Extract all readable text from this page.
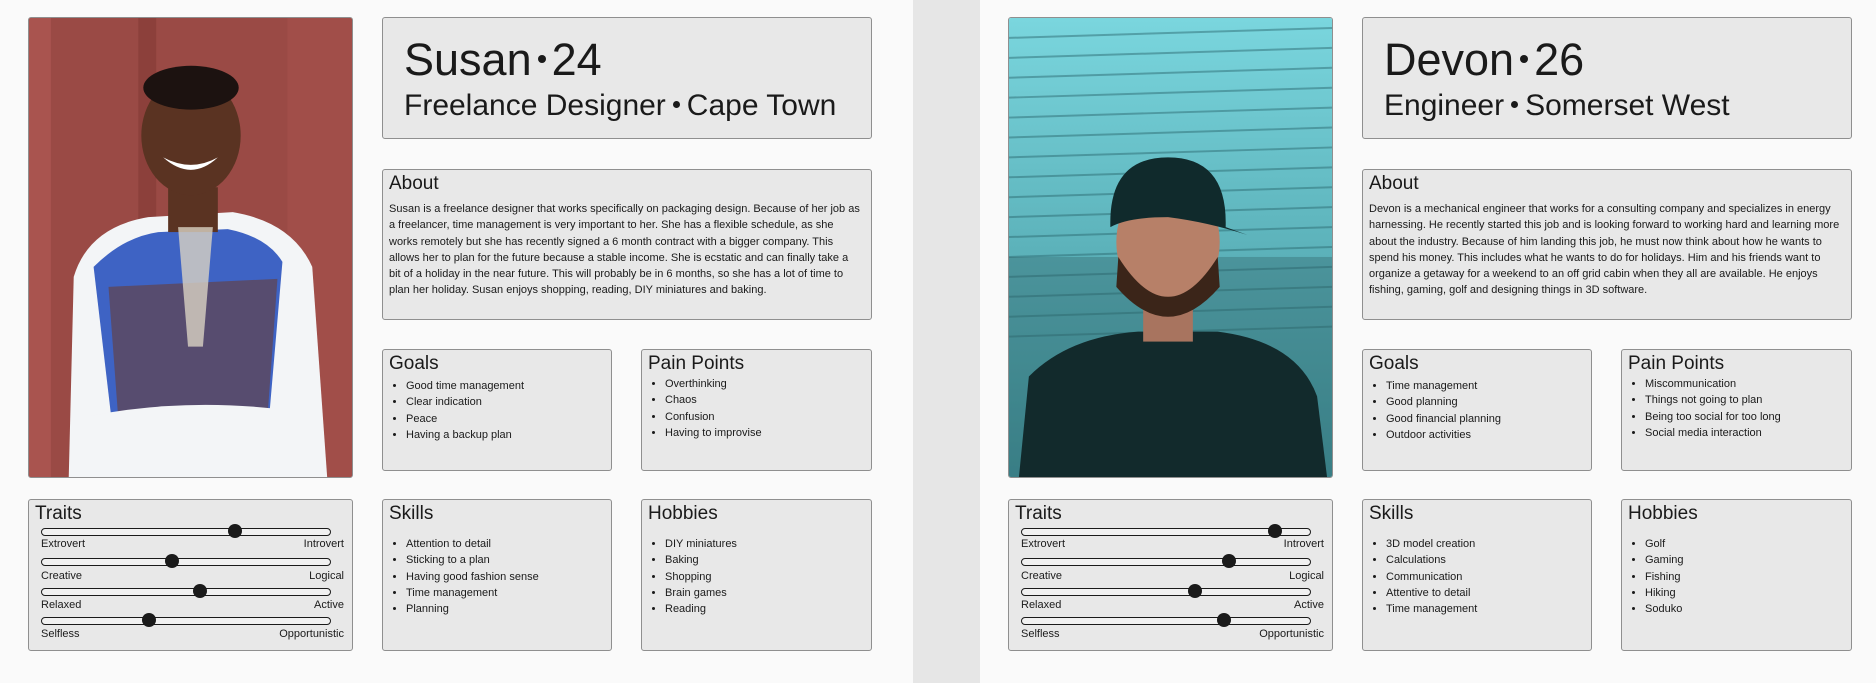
Susan 24
Freelance Designer Cape Town
About
Susan is a freelance designer that works specifically on packaging design. Because of her job as a freelancer, time management is very important to her. She has a flexible schedule, as she works remotely but she has recently signed a 6 month contract with a bigger company. This allows her to plan for the future because a stable income. She is ecstatic and can finally take a bit of a holiday in the near future. This will probably be in 6 months, so she has a lot of time to plan her holiday. Susan enjoys shopping, reading, DIY miniatures and baking.
Goals
• Good time management
• Clear indication
• Peace
• Having a backup plan
Pain Points
• Overthinking
• Chaos
• Confusion
• Having to improvise
Traits
Extrovert	Introvert
Creative	Logical
Relaxed	Active
Selfless	Opportunistic
Skills
• Attention to detail
• Sticking to a plan
• Having good fashion sense
• Time management
• Planning
Hobbies
• DIY miniatures
• Baking
• Shopping
• Brain games
• Reading
Devon 26
Engineer Somerset West
About
Devon is a mechanical engineer that works for a consulting company and specializes in energy harnessing. He recently started this job and is looking forward to working hard and learning more about the industry. Because of him landing this job, he must now think about how he wants to spend his money. This includes what he wants to do for holidays. Him and his friends want to organize a getaway for a weekend to an off grid cabin when they all are available. He enjoys fishing, gaming, golf and designing things in 3D software.
Goals
• Time management
• Good planning
• Good financial planning
• Outdoor activities
Pain Points
• Miscommunication
• Things not going to plan
• Being too social for too long
• Social media interaction
Traits
Extrovert	Introvert
Creative	Logical
Relaxed	Active
Selfless	Opportunistic
Skills
• 3D model creation
• Calculations
• Communication
• Attentive to detail
• Time management
Hobbies
• Golf
• Gaming
• Fishing
• Hiking
• Soduko
